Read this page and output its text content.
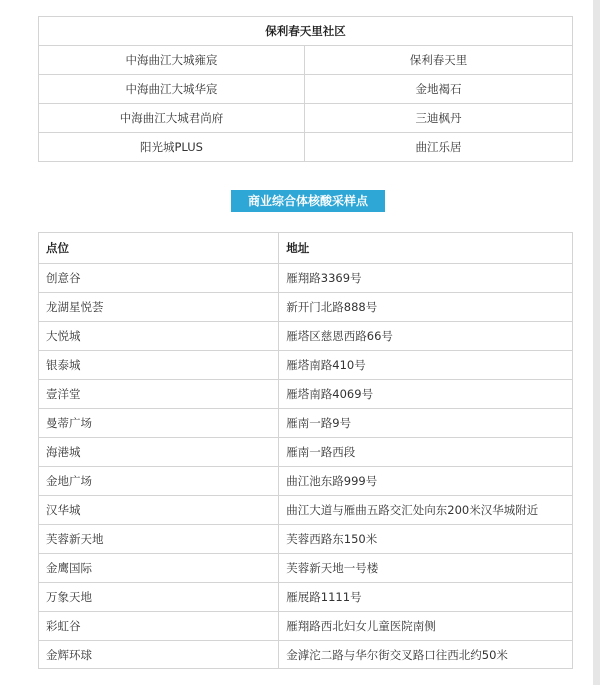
保利春天里社区	
中海曲江大城雍宸	保利春天里
中海曲江大城华宸	金地褐石
中海曲江大城君尚府	三迪枫丹
阳光城PLUS	曲江乐居
商业综合体核酸采样点
点位	地址
创意谷	雁翔路3369号
龙湖星悦荟	新开门北路888号
大悦城	雁塔区慈恩西路66号
银泰城	雁塔南路410号
壹洋堂	雁塔南路4069号
曼蒂广场	雁南一路9号
海港城	雁南一路西段
金地广场	曲江池东路999号
汉华城	曲江大道与雁曲五路交汇处向东200米汉华城附近
芙蓉新天地	芙蓉西路东150米
金鹰国际	芙蓉新天地一号楼
万象天地	雁展路1111号
彩虹谷	雁翔路西北妇女儿童医院南侧
金辉环球	金滹沱二路与华尔街交叉路口往西北约50米
